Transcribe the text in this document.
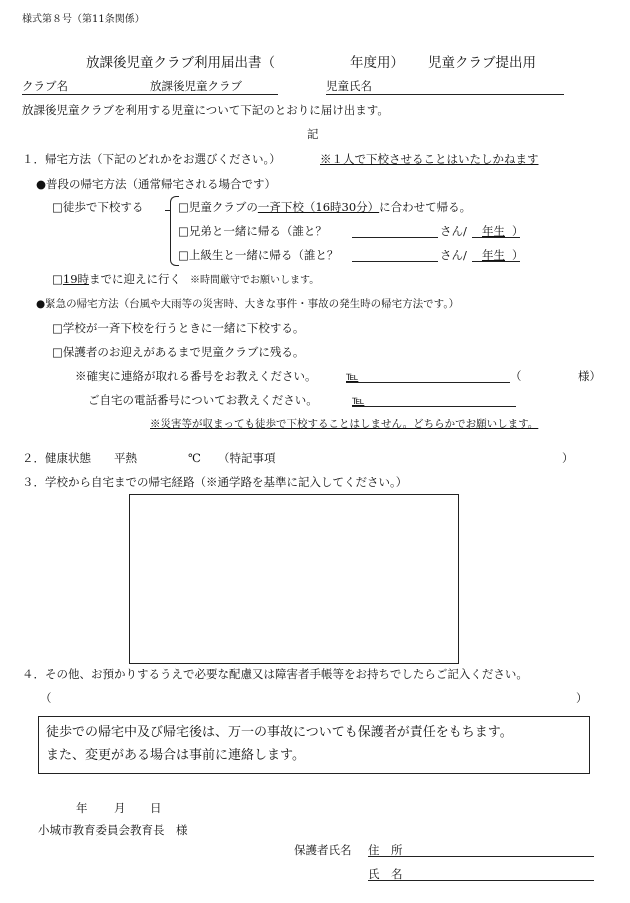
様式第８号（第11条関係）
放課後児童クラブ利用届出書（	年度用） 児童クラブ提出用
クラブ名	放課後児童クラブ	児童氏名
放課後児童クラブを利用する児童について下記のとおりに届け出ます。
記
１．帰宅方法（下記のどれかをお選びください。）	※１人で下校させることはいたしかねます
●普段の帰宅方法（通常帰宅される場合です）
□徒歩で下校する	□児童クラブの一斉下校（16時30分）に合わせて帰る。
□兄弟と一緒に帰る（誰と？	さん/ 年生 ）
□上級生と一緒に帰る（誰と？	さん/ 年生 ）
□19時までに迎えに行く ※時間厳守でお願いします。
●緊急の帰宅方法（台風や大雨等の災害時、大きな事件・事故の発生時の帰宅方法です。）
□学校が一斉下校を行うときに一緒に下校する。
□保護者のお迎えがあるまで児童クラブに残る。
※確実に連絡が取れる番号をお教えください。	℡	（	様）
ご自宅の電話番号についてお教えください。	℡
※災害等が収まっても徒歩で下校することはしません。どちらかでお願いします。
２．健康状態 平熱	℃ （特記事項	）
３．学校から自宅までの帰宅経路（※通学路を基準に記入してください。）
４．その他、お預かりするうえで必要な配慮又は障害者手帳等をお持ちでしたらご記入ください。
（	）
徒歩での帰宅中及び帰宅後は、万一の事故についても保護者が責任をもちます。
また、変更がある場合は事前に連絡します。
年 月 日
小城市教育委員会教育長　様
保護者氏名 住　所
氏　名
